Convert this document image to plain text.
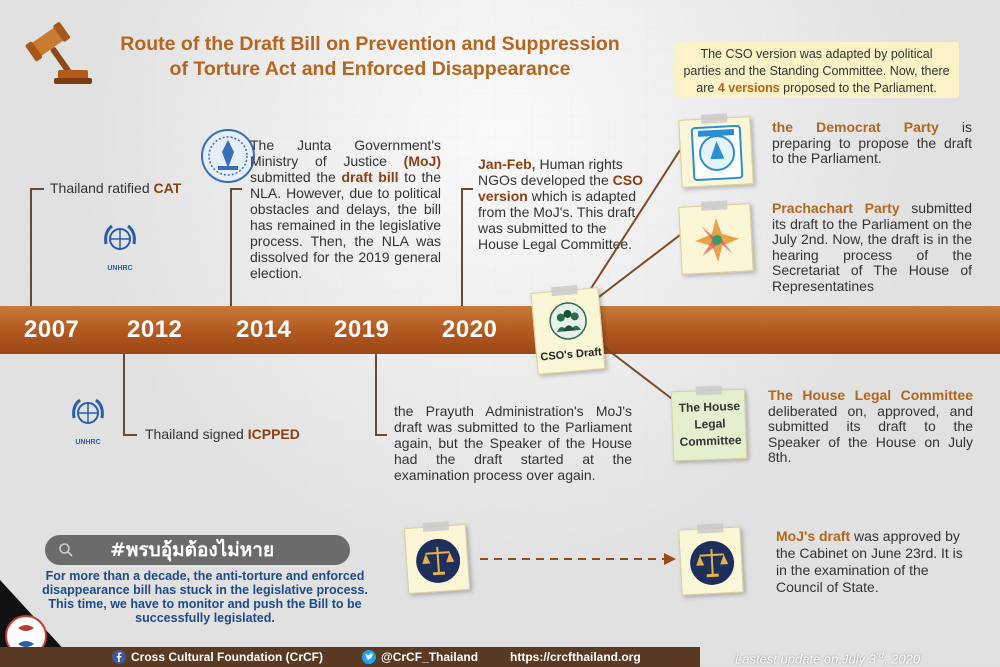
Route of the Draft Bill on Prevention and Suppression
of Torture Act and Enforced Disappearance
The CSO version was adapted by political parties and the Standing Committee. Now, there are 4 versions proposed to the Parliament.
UNHRC
UNHRC
2007 2012 2014 2019 2020
Thailand ratified CAT
Thailand signed ICPPED
The Junta Government's Ministry of Justice (MoJ) submitted the draft bill to the NLA. However, due to political obstacles and delays, the bill has remained in the legislative process. Then, the NLA was dissolved for the 2019 general election.
the Prayuth Administration's MoJ's draft was submitted to the Parliament again, but the Speaker of the House had the draft started at the examination process over again.
Jan-Feb, Human rights NGOs developed the CSO version which is adapted from the MoJ's. This draft was submitted to the House Legal Committee.
CSO's Draft
the Democrat Party is preparing to propose the draft to the Parliament.
Prachachart Party submitted its draft to the Parliament on the July 2nd. Now, the draft is in the hearing process of the Secretariat of The House of Representatines
The House Legal Committee
The House Legal Committee deliberated on, approved, and submitted its draft to the Speaker of the House on July 8th.
MoJ's draft was approved by the Cabinet on June 23rd. It is in the examination of the Council of State.
#พรบอุ้มต้องไม่หาย
For more than a decade, the anti-torture and enforced disappearance bill has stuck in the legislative process. This time, we have to monitor and push the Bill to be successfully legislated.
Cross Cultural Foundation (CrCF)	@CrCF_Thailand	https://crcfthailand.org	Lastest update on July 3rd, 2020
